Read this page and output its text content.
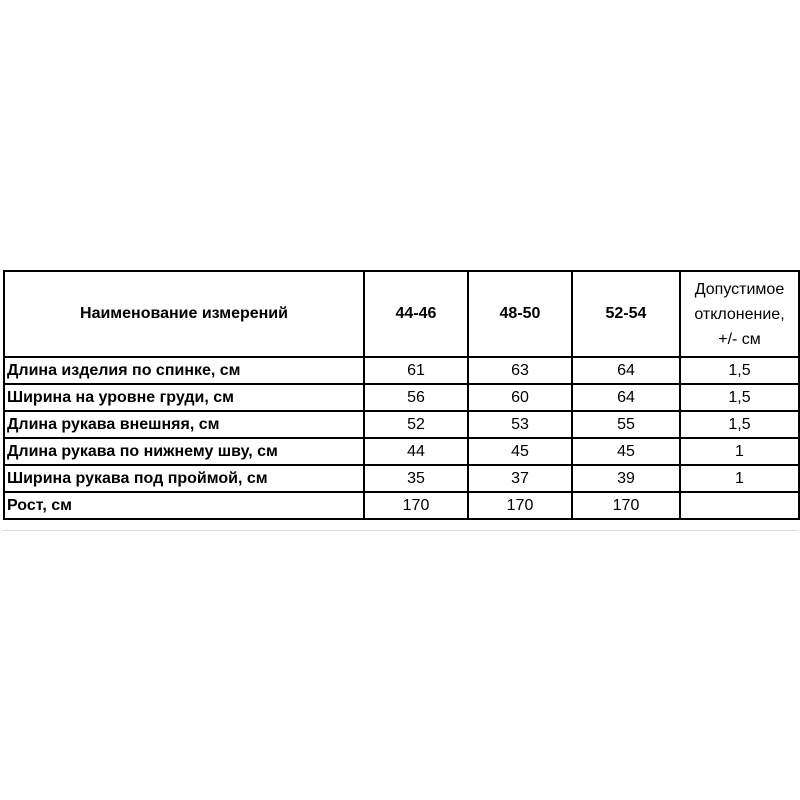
Наименование измерений	44-46	48-50	52-54	Допустимое
отклонение,
+/- см

Длина изделия по спинке, см	61	63	64	1,5
Ширина на уровне груди, см	56	60	64	1,5
Длина рукава внешняя, см	52	53	55	1,5
Длина рукава по нижнему шву, см	44	45	45	1
Ширина рукава под проймой, см	35	37	39	1
Рост, см	170	170	170	
